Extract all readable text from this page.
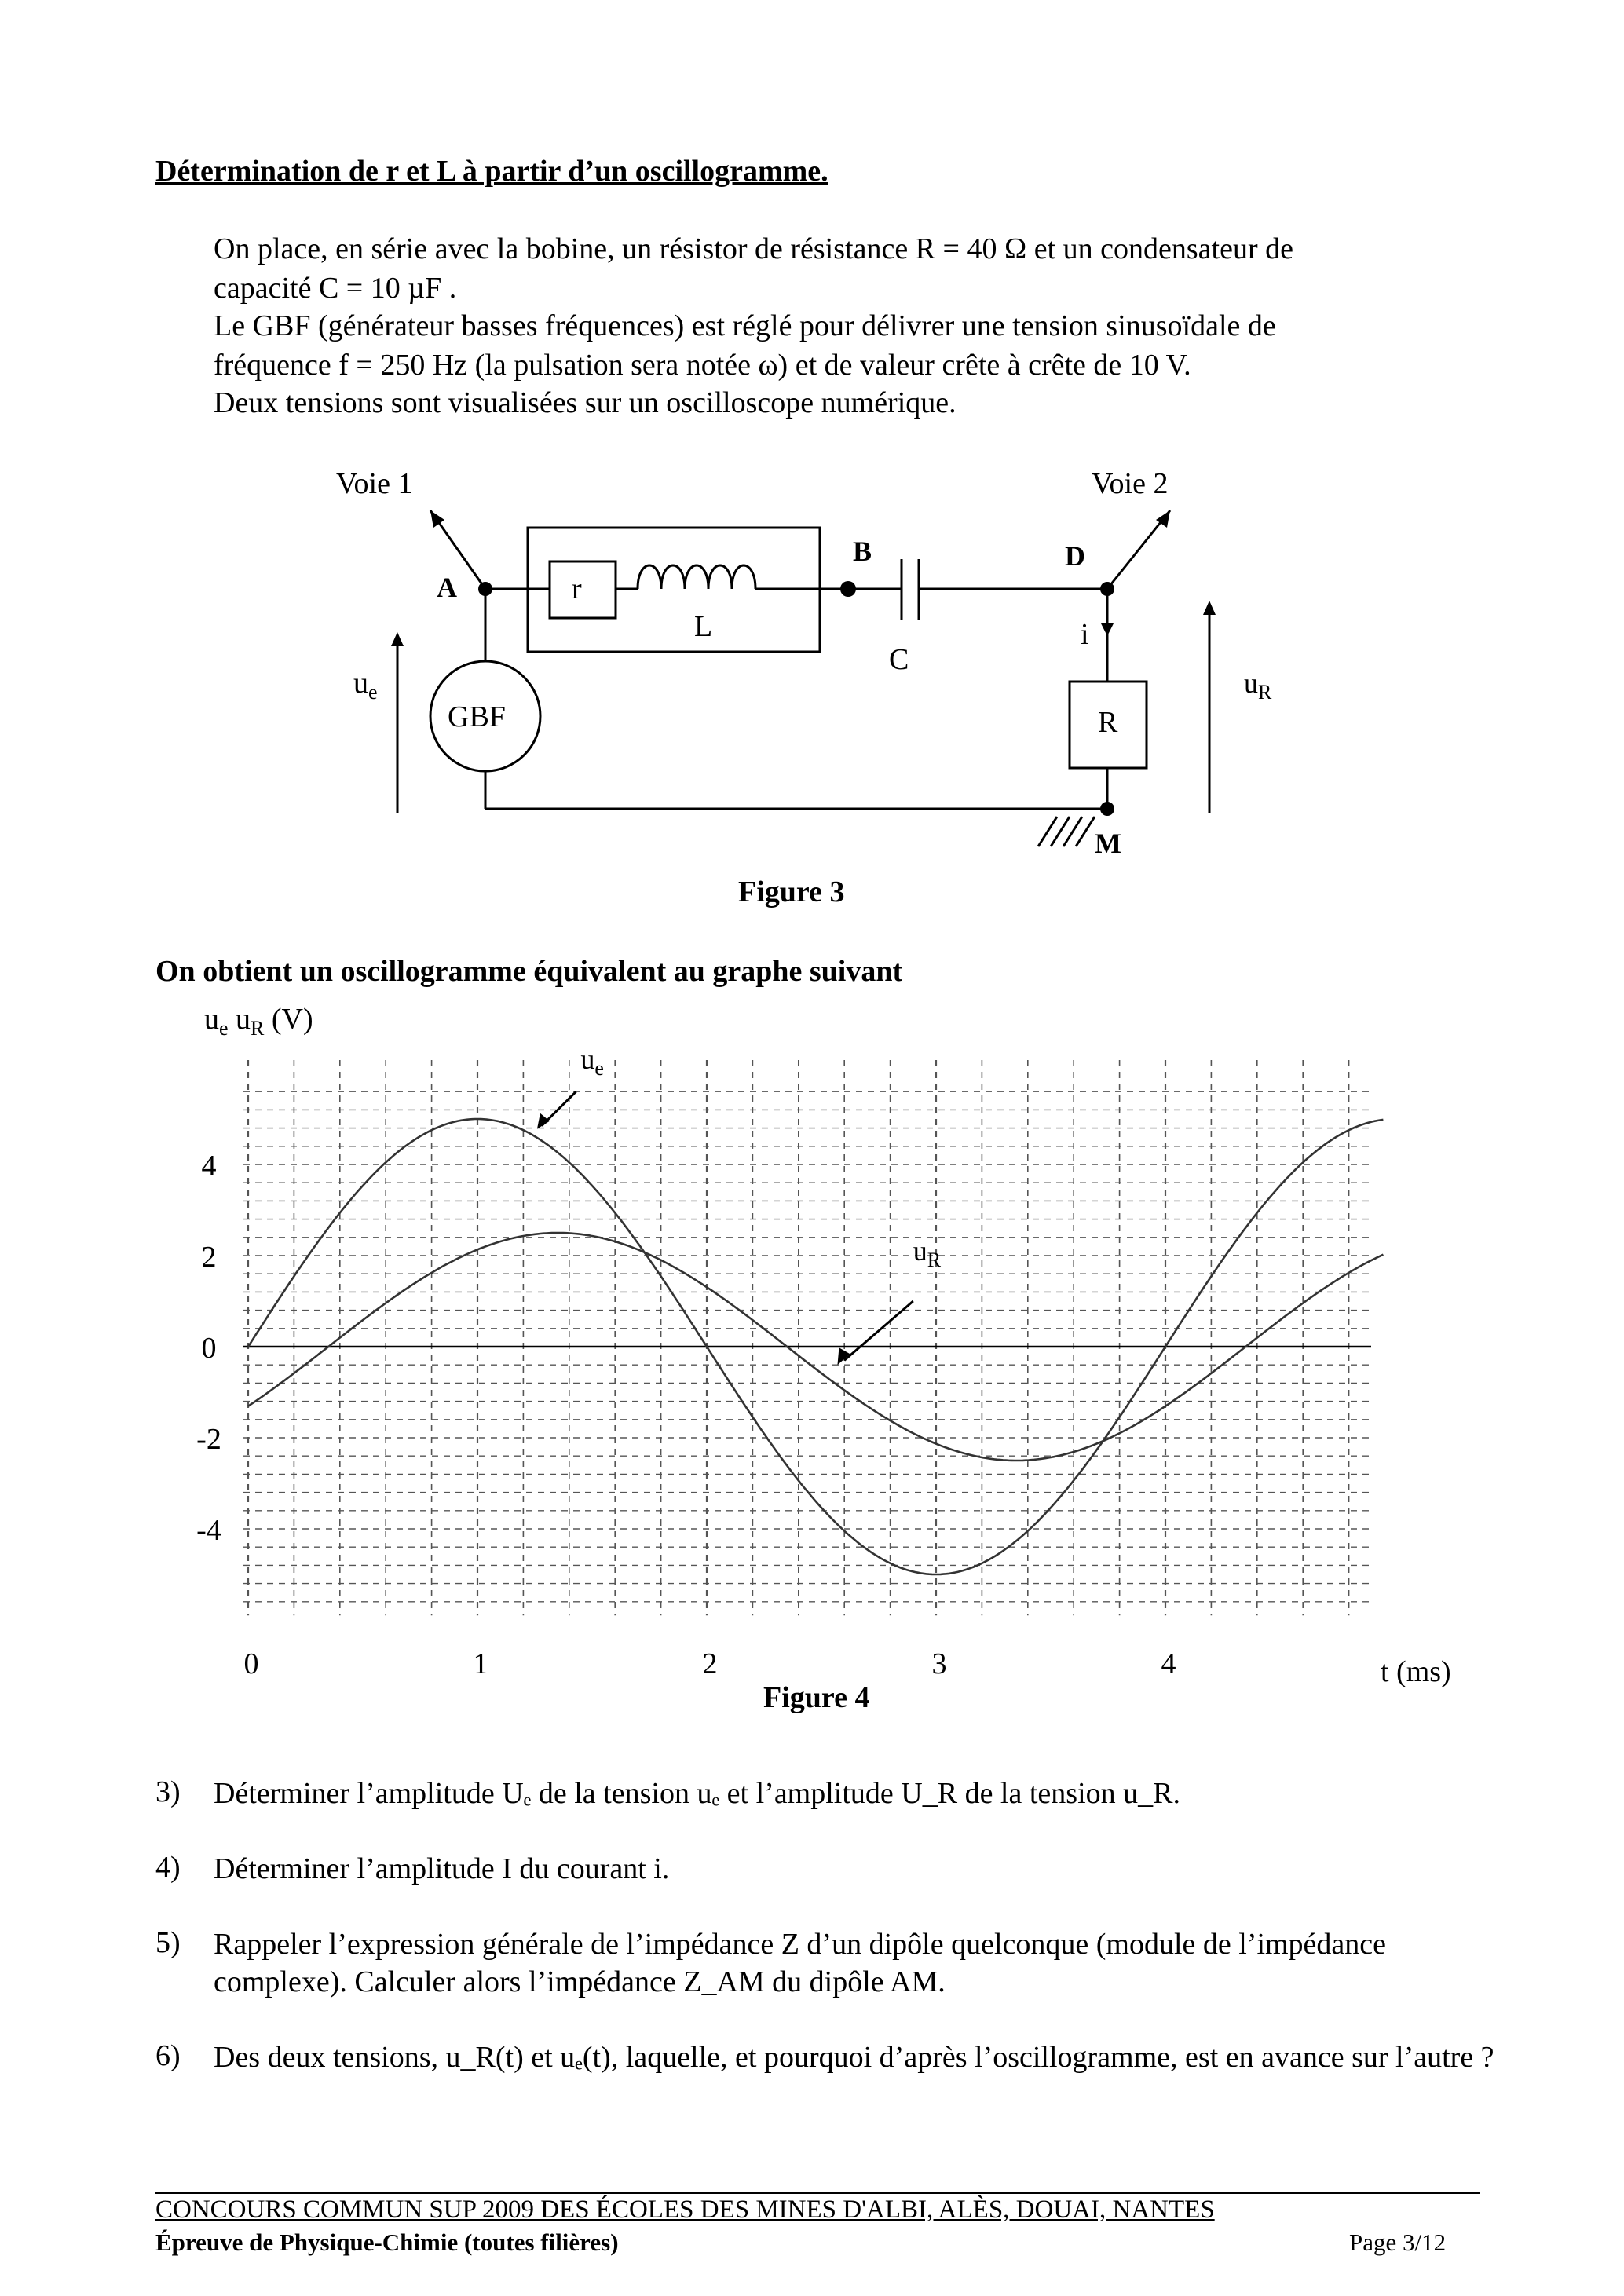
Détermination de r et L à partir d’un oscillogramme.
On place, en série avec la bobine, un résistor de résistance R = 40 Ω et un condensateur de
capacité C = 10 µF .
Le GBF (générateur basses fréquences) est réglé pour délivrer une tension sinusoïdale de
fréquence f = 250 Hz (la pulsation sera notée ω) et de valeur crête à crête de 10 V.
Deux tensions sont visualisées sur un oscilloscope numérique.
Voie 1	Voie 2
A
B	D
M
r
L
C
i
R
GBF
$u_e$	$u_R$
Figure 3
On obtient un oscillogramme équivalent au graphe suivant
4
2
0
-2
-4
0	1	2	3	4	t (ms)
$u_e$ $u_R$ (V)
$u_e$
$u_R$
Figure 4
3) Déterminer l’amplitude Uₑ de la tension uₑ et l’amplitude U_R de la tension u_R.
4) Déterminer l’amplitude I du courant i.
5) Rappeler l’expression générale de l’impédance Z d’un dipôle quelconque (module de l’impédance complexe). Calculer alors l’impédance Z_AM du dipôle AM.
6) Des deux tensions, u_R(t) et uₑ(t), laquelle, et pourquoi d’après l’oscillogramme, est en avance sur l’autre ?
CONCOURS COMMUN SUP 2009 DES ÉCOLES DES MINES D'ALBI, ALÈS, DOUAI, NANTES
Épreuve de Physique-Chimie (toutes filières)	Page 3/12
